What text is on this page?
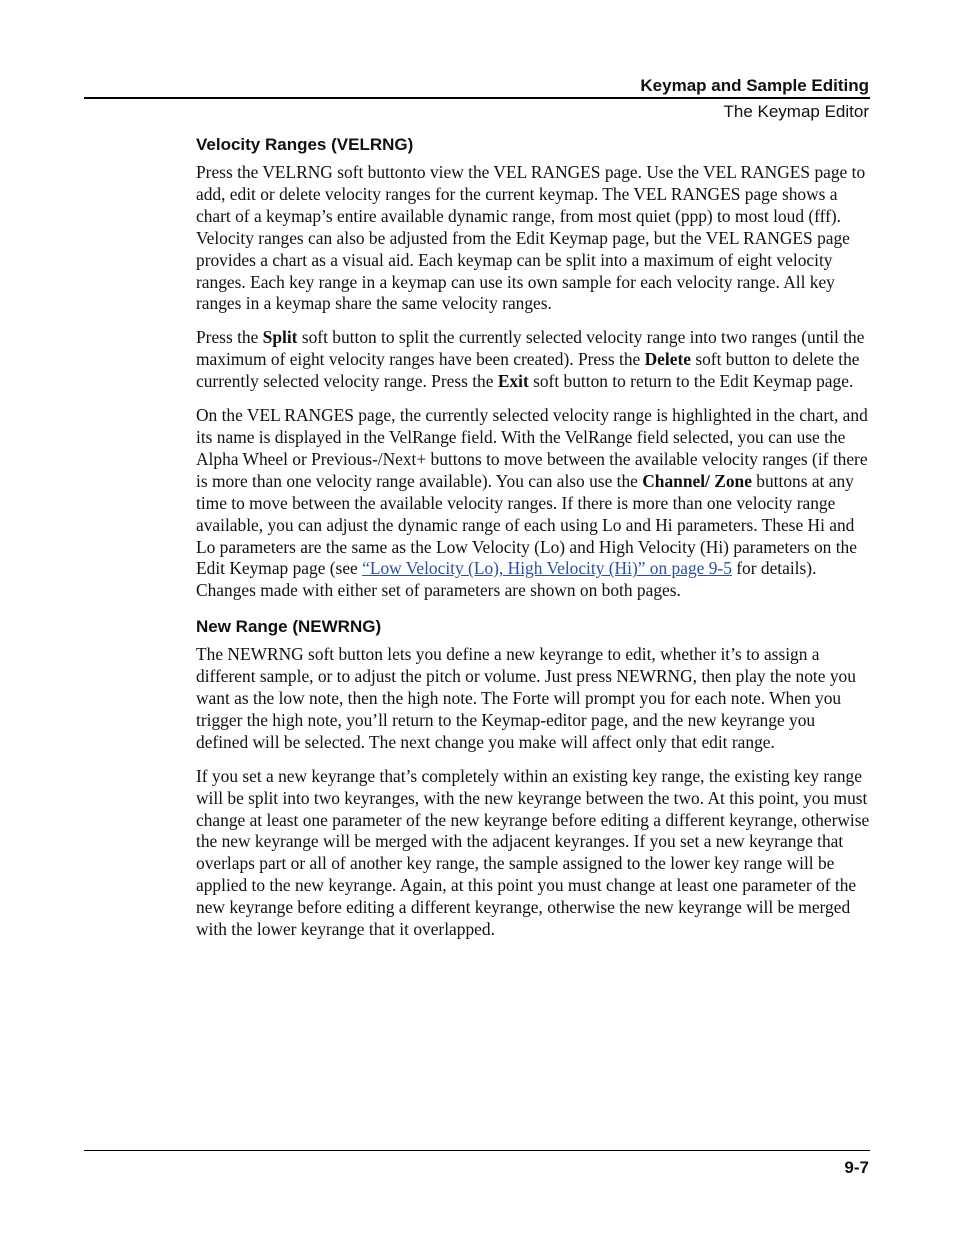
Keymap and Sample Editing
The Keymap Editor
Velocity Ranges (VELRNG)

Press the VELRNG soft buttonto view the VEL RANGES page. Use the VEL RANGES page to add, edit or delete velocity ranges for the current keymap. The VEL RANGES page shows a chart of a keymap’s entire available dynamic range, from most quiet (ppp) to most loud (fff). Velocity ranges can also be adjusted from the Edit Keymap page, but the VEL RANGES page provides a chart as a visual aid. Each keymap can be split into a maximum of eight velocity ranges. Each key range in a keymap can use its own sample for each velocity range. All key ranges in a keymap share the same velocity ranges.

Press the Split soft button to split the currently selected velocity range into two ranges (until the maximum of eight velocity ranges have been created). Press the Delete soft button to delete the currently selected velocity range. Press the Exit soft button to return to the Edit Keymap page.

On the VEL RANGES page, the currently selected velocity range is highlighted in the chart, and its name is displayed in the VelRange field. With the VelRange field selected, you can use the Alpha Wheel or Previous-/Next+ buttons to move between the available velocity ranges (if there is more than one velocity range available). You can also use the Channel/ Zone buttons at any time to move between the available velocity ranges. If there is more than one velocity range available, you can adjust the dynamic range of each using Lo and Hi parameters. These Hi and Lo parameters are the same as the Low Velocity (Lo) and High Velocity (Hi) parameters on the Edit Keymap page (see “Low Velocity (Lo), High Velocity (Hi)” on page 9-5 for details). Changes made with either set of parameters are shown on both pages.

New Range (NEWRNG)

The NEWRNG soft button lets you define a new keyrange to edit, whether it’s to assign a different sample, or to adjust the pitch or volume. Just press NEWRNG, then play the note you want as the low note, then the high note. The Forte will prompt you for each note. When you trigger the high note, you’ll return to the Keymap-editor page, and the new keyrange you defined will be selected. The next change you make will affect only that edit range.

If you set a new keyrange that’s completely within an existing key range, the existing key range will be split into two keyranges, with the new keyrange between the two. At this point, you must change at least one parameter of the new keyrange before editing a different keyrange, otherwise the new keyrange will be merged with the adjacent keyranges. If you set a new keyrange that overlaps part or all of another key range, the sample assigned to the lower key range will be applied to the new keyrange. Again, at this point you must change at least one parameter of the new keyrange before editing a different keyrange, otherwise the new keyrange will be merged with the lower keyrange that it overlapped.

9-7
